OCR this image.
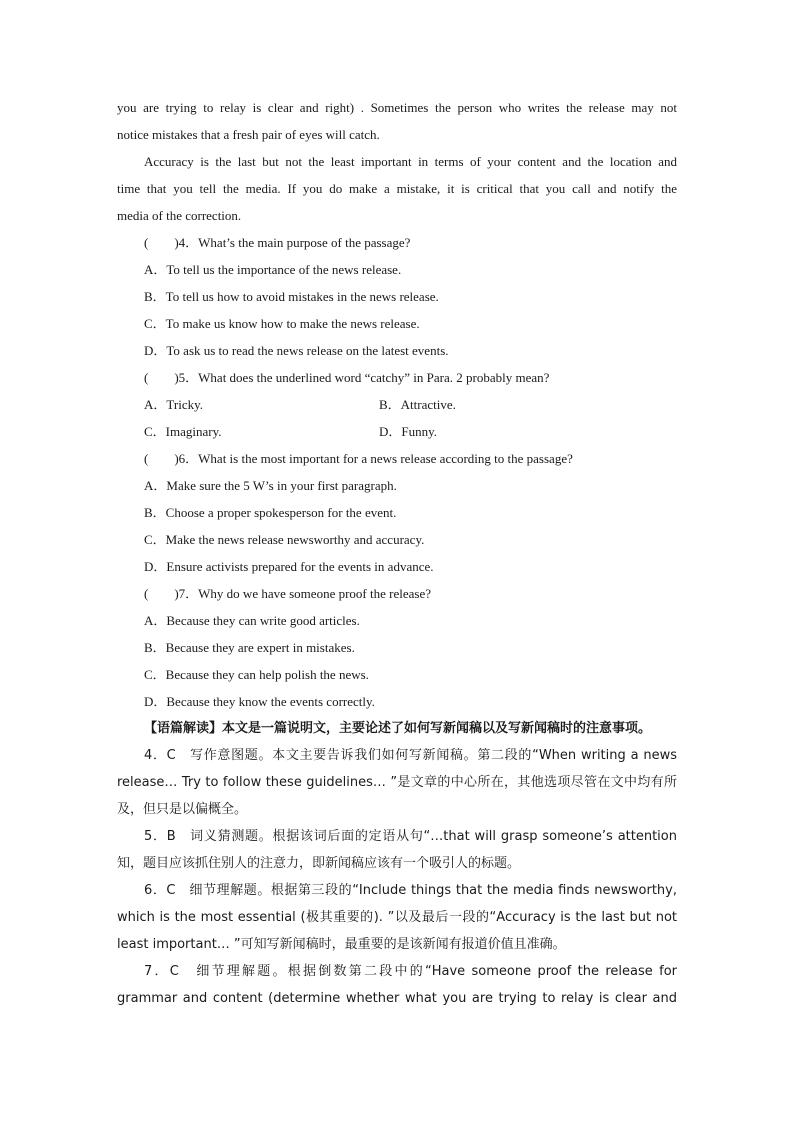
you are trying to relay is clear and right) . Sometimes the person who writes the release may not
notice mistakes that a fresh pair of eyes will catch.
Accuracy is the last but not the least important in terms of your content and the location and
time that you tell the media. If you do make a mistake, it is critical that you call and notify the
media of the correction.
(　　)4．What’s the main purpose of the passage?
A．To tell us the importance of the news release.
B．To tell us how to avoid mistakes in the news release.
C．To make us know how to make the news release.
D．To ask us to read the news release on the latest events.
(　　)5．What does the underlined word “catchy” in Para. 2 probably mean?
A．Tricky.	B．Attractive.
C．Imaginary.	D．Funny.
(　　)6．What is the most important for a news release according to the passage?
A．Make sure the 5 W’s in your first paragraph.
B．Choose a proper spokesperson for the event.
C．Make the news release newsworthy and accuracy.
D．Ensure activists prepared for the events in advance.
(　　)7．Why do we have someone proof the release?
A．Because they can write good articles.
B．Because they are expert in mistakes.
C．Because they can help polish the news.
D．Because they know the events correctly.
【语篇解读】本文是一篇说明文，主要论述了如何写新闻稿以及写新闻稿时的注意事项。
4．C　写作意图题。本文主要告诉我们如何写新闻稿。第二段的“When writing a news
release… Try to follow these guidelines… ”是文章的中心所在，其他选项尽管在文中均有所
及，但只是以偏概全。
5．B　词义猜测题。根据该词后面的定语从句“…that will grasp someone’s attention
知，题目应该抓住别人的注意力，即新闻稿应该有一个吸引人的标题。
6．C　细节理解题。根据第三段的“Include things that the media finds newsworthy,
which is the most essential (极其重要的). ”以及最后一段的“Accuracy is the last but not
least important… ”可知写新闻稿时，最重要的是该新闻有报道价值且准确。
7．C　细节理解题。根据倒数第二段中的“Have someone proof the release for
grammar and content (determine whether what you are trying to relay is clear and
